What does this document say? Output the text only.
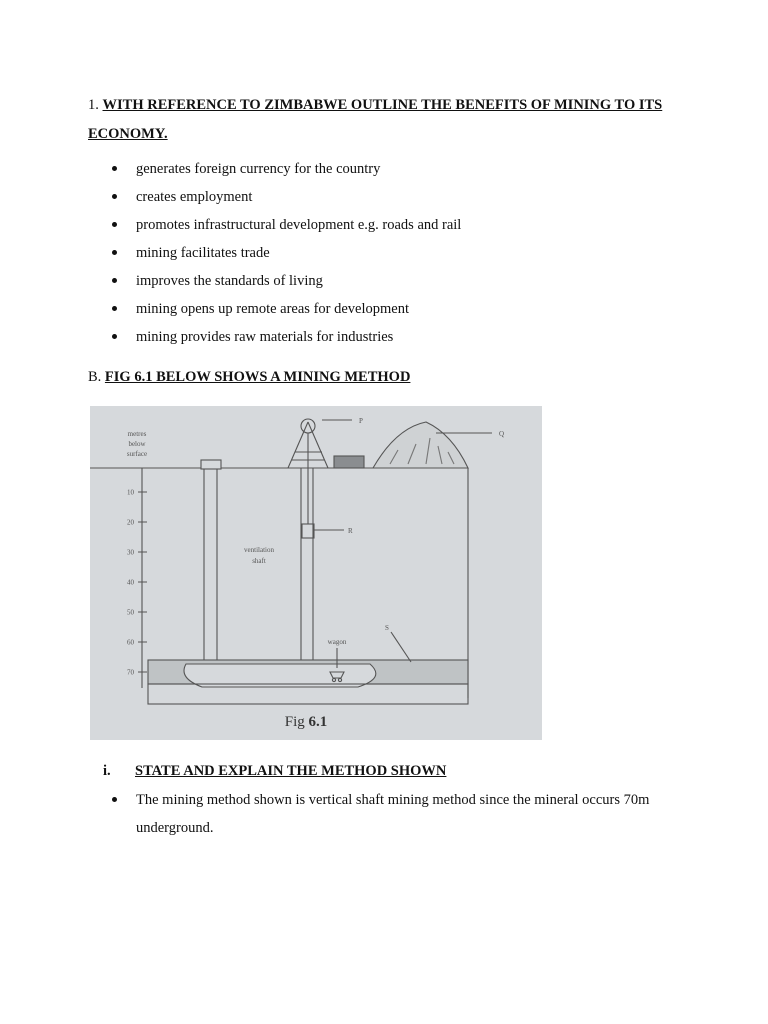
1. WITH REFERENCE TO ZIMBABWE OUTLINE THE BENEFITS OF MINING TO ITS ECONOMY.
generates foreign currency for the country
creates employment
promotes infrastructural development e.g. roads and rail
mining facilitates trade
improves the standards of living
mining opens up remote areas for development
mining provides raw materials for industries
B. FIG 6.1 BELOW SHOWS A MINING METHOD
10
20
30
40
50
60
70
metres
below
surface
ventilation
shaft
P
Q
R
S
wagon
Fig 6.1
i. STATE AND EXPLAIN THE METHOD SHOWN

The mining method shown is vertical shaft mining method since the mineral occurs 70m underground.
